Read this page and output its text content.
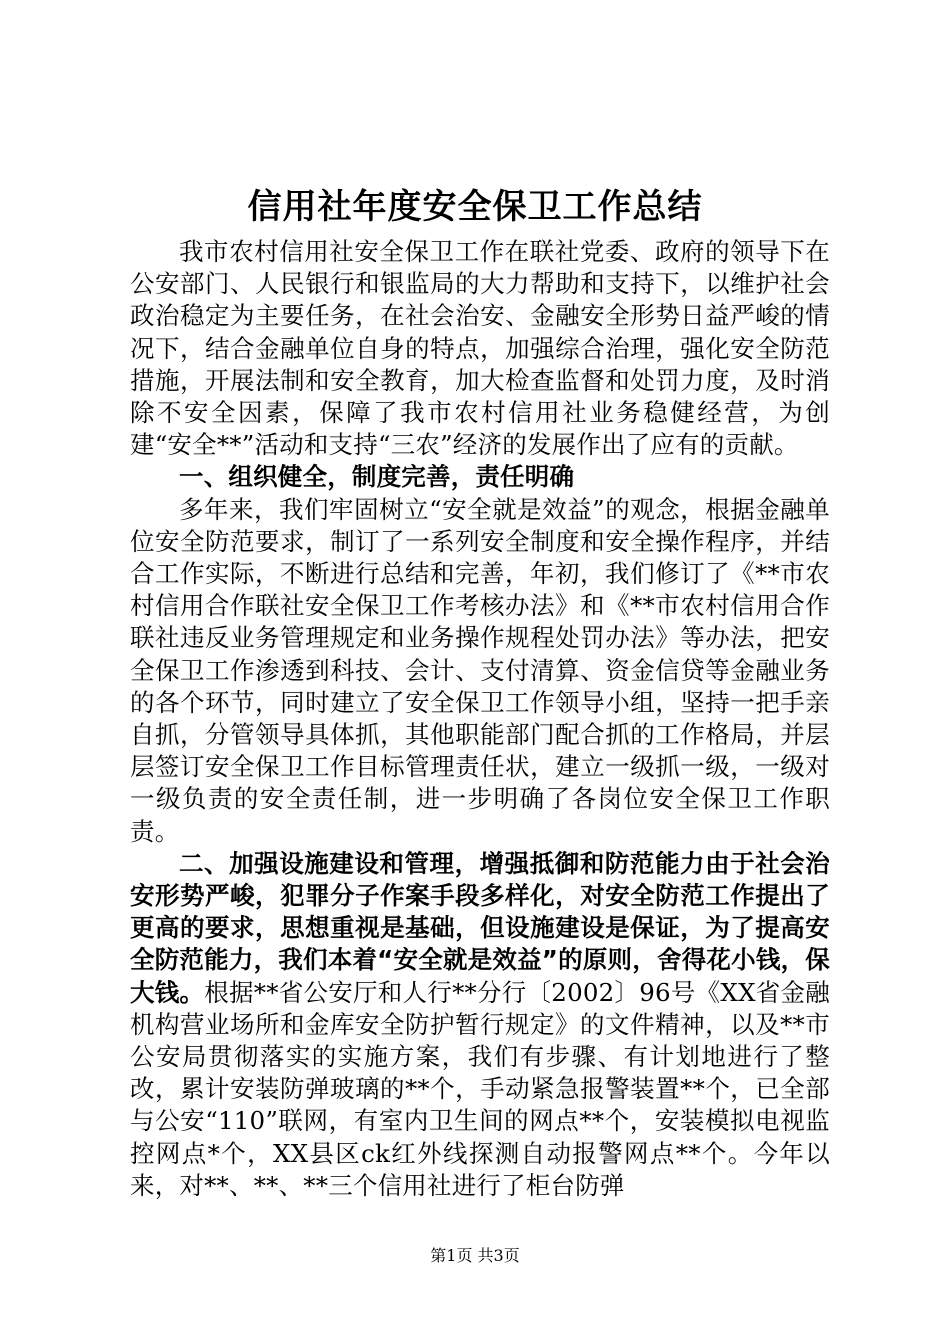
信用社年度安全保卫工作总结

我市农村信用社安全保卫工作在联社党委、政府的领导下在公安部门、人民银行和银监局的大力帮助和支持下，以维护社会政治稳定为主要任务，在社会治安、金融安全形势日益严峻的情况下，结合金融单位自身的特点，加强综合治理，强化安全防范措施，开展法制和安全教育，加大检查监督和处罚力度，及时消除不安全因素，保障了我市农村信用社业务稳健经营，为创建“安全**”活动和支持“三农”经济的发展作出了应有的贡献。

一、组织健全，制度完善，责任明确

多年来，我们牢固树立“安全就是效益”的观念，根据金融单位安全防范要求，制订了一系列安全制度和安全操作程序，并结合工作实际，不断进行总结和完善，年初，我们修订了《**市农村信用合作联社安全保卫工作考核办法》和《**市农村信用合作联社违反业务管理规定和业务操作规程处罚办法》等办法，把安全保卫工作渗透到科技、会计、支付清算、资金信贷等金融业务的各个环节，同时建立了安全保卫工作领导小组，坚持一把手亲自抓，分管领导具体抓，其他职能部门配合抓的工作格局，并层层签订安全保卫工作目标管理责任状，建立一级抓一级，一级对一级负责的安全责任制，进一步明确了各岗位安全保卫工作职责。

二、加强设施建设和管理，增强抵御和防范能力由于社会治安形势严峻，犯罪分子作案手段多样化，对安全防范工作提出了更高的要求，思想重视是基础，但设施建设是保证，为了提高安全防范能力，我们本着“安全就是效益”的原则，舍得花小钱，保大钱。根据**省公安厅和人行**分行〔2002〕96号《XX省金融机构营业场所和金库安全防护暂行规定》的文件精神，以及**市公安局贯彻落实的实施方案，我们有步骤、有计划地进行了整改，累计安装防弹玻璃的**个，手动紧急报警装置**个，已全部与公安“110”联网，有室内卫生间的网点**个，安装模拟电视监控网点*个，XX县区ck红外线探测自动报警网点**个。今年以来，对**、**、**三个信用社进行了柜台防弹

第1页 共3页
